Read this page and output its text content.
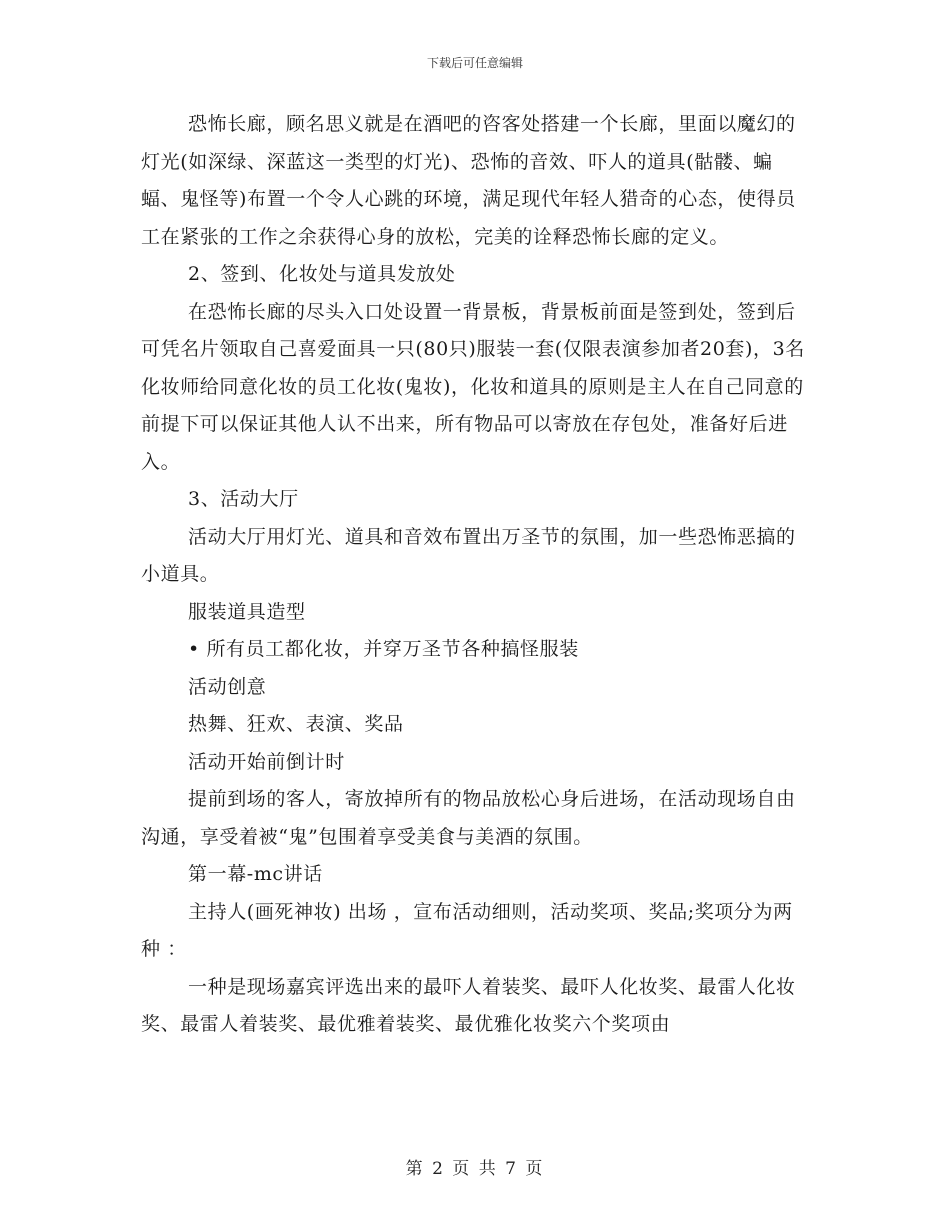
下载后可任意编辑

恐怖长廊，顾名思义就是在酒吧的咨客处搭建一个长廊，里面以魔幻的灯光(如深绿、深蓝这一类型的灯光)、恐怖的音效、吓人的道具(骷髅、蝙蝠、鬼怪等)布置一个令人心跳的环境，满足现代年轻人猎奇的心态，使得员工在紧张的工作之余获得心身的放松，完美的诠释恐怖长廊的定义。

2、签到、化妆处与道具发放处

在恐怖长廊的尽头入口处设置一背景板，背景板前面是签到处，签到后可凭名片领取自己喜爱面具一只(80只)服装一套(仅限表演参加者20套)，3名化妆师给同意化妆的员工化妆(鬼妆)，化妆和道具的原则是主人在自己同意的前提下可以保证其他人认不出来，所有物品可以寄放在存包处，准备好后进入。

3、活动大厅

活动大厅用灯光、道具和音效布置出万圣节的氛围，加一些恐怖恶搞的小道具。

服装道具造型

• 所有员工都化妆，并穿万圣节各种搞怪服装

活动创意

热舞、狂欢、表演、奖品

活动开始前倒计时

提前到场的客人，寄放掉所有的物品放松心身后进场，在活动现场自由沟通，享受着被“鬼”包围着享受美食与美酒的氛围。

第一幕-mc讲话

主持人(画死神妆) 出场 ，宣布活动细则，活动奖项、奖品;奖项分为两种 ：

一种是现场嘉宾评选出来的最吓人着装奖、最吓人化妆奖、最雷人化妆奖、最雷人着装奖、最优雅着装奖、最优雅化妆奖六个奖项由

第 2 页 共 7 页
